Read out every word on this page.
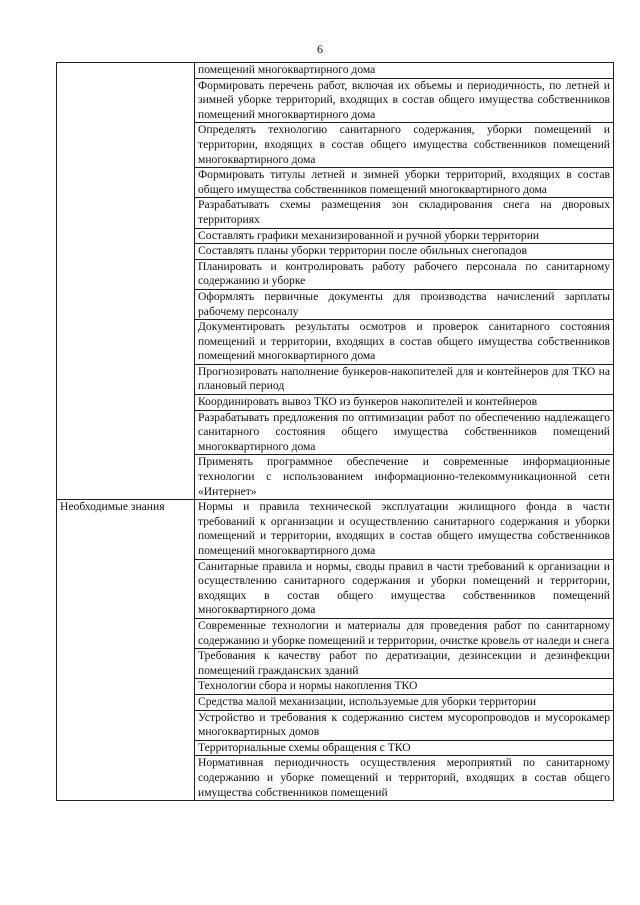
6
	помещений многоквартирного дома
	Формировать перечень работ, включая их объемы и периодичность, по летней и зимней уборке территорий, входящих в состав общего имущества собственников помещений многоквартирного дома
	Определять технологию санитарного содержания, уборки помещений и территории, входящих в состав общего имущества собственников помещений многоквартирного дома
	Формировать титулы летней и зимней уборки территорий, входящих в состав общего имущества собственников помещений многоквартирного дома
	Разрабатывать схемы размещения зон складирования снега на дворовых территориях
	Составлять графики механизированной и ручной уборки территории
	Составлять планы уборки территории после обильных снегопадов
	Планировать и контролировать работу рабочего персонала по санитарному содержанию и уборке
	Оформлять первичные документы для производства начислений зарплаты рабочему персоналу
	Документировать результаты осмотров и проверок санитарного состояния помещений и территории, входящих в состав общего имущества собственников помещений многоквартирного дома
	Прогнозировать наполнение бункеров-накопителей для и контейнеров для ТКО на плановый период
	Координировать вывоз ТКО из бункеров накопителей и контейнеров
	Разрабатывать предложения по оптимизации работ по обеспечению надлежащего санитарного состояния общего имущества собственников помещений многоквартирного дома
	Применять программное обеспечение и современные информационные технологии с использованием информационно-телекоммуникационной сети «Интернет»
Необходимые знания	Нормы и правила технической эксплуатации жилищного фонда в части требований к организации и осуществлению санитарного содержания и уборки помещений и территории, входящих в состав общего имущества собственников помещений многоквартирного дома
	Санитарные правила и нормы, своды правил в части требований к организации и осуществлению санитарного содержания и уборки помещений и территории, входящих в состав общего имущества собственников помещений многоквартирного дома
	Современные технологии и материалы для проведения работ по санитарному содержанию и уборке помещений и территории, очистке кровель от наледи и снега
	Требования к качеству работ по дератизации, дезинсекции и дезинфекции помещений гражданских зданий
	Технологии сбора и нормы накопления ТКО
	Средства малой механизации, используемые для уборки территории
	Устройство и требования к содержанию систем мусоропроводов и мусорокамер многоквартирных домов
	Территориальные схемы обращения с ТКО
	Нормативная периодичность осуществления мероприятий по санитарному содержанию и уборке помещений и территорий, входящих в состав общего имущества собственников помещений
